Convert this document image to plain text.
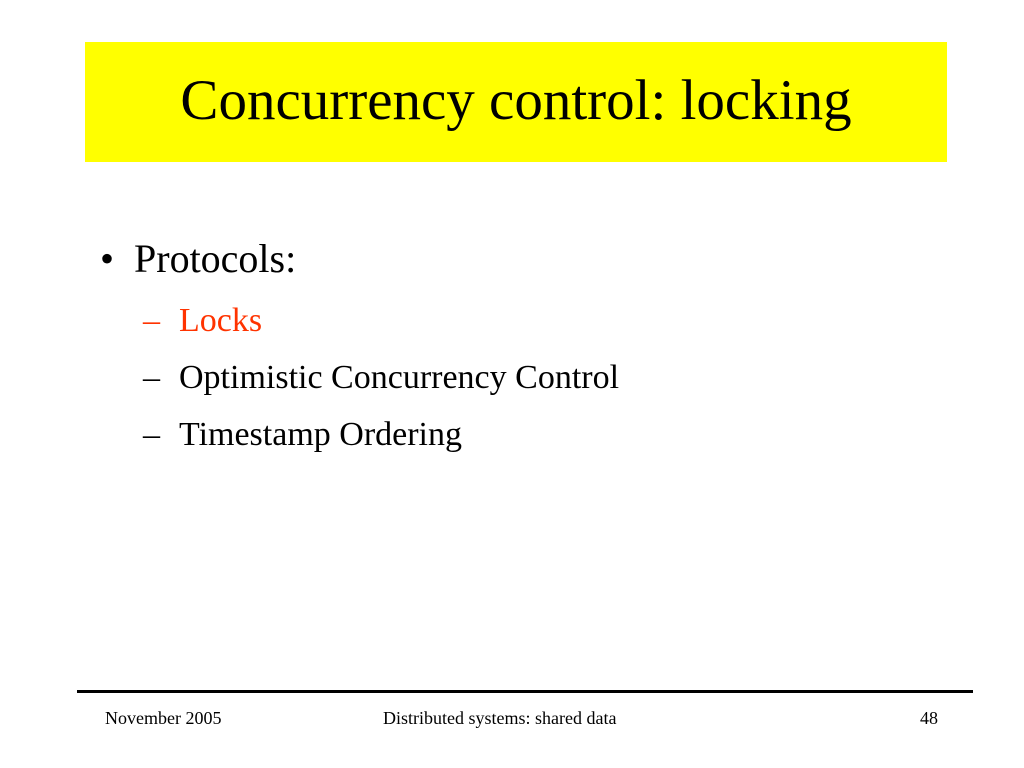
Concurrency control: locking
• Protocols:
– Locks
– Optimistic Concurrency Control
– Timestamp Ordering
November 2005	Distributed systems: shared data	48
